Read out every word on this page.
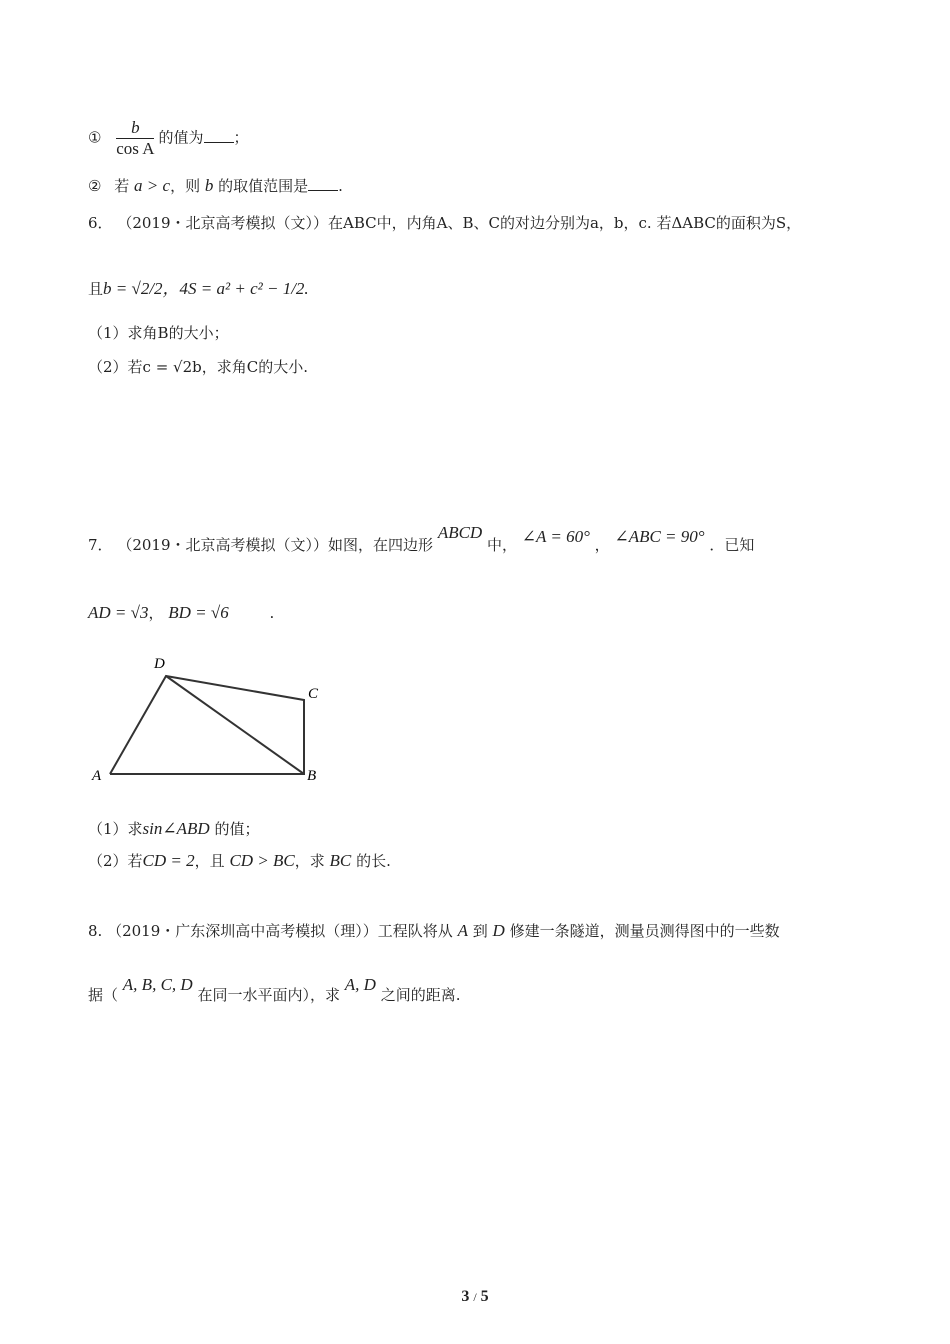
① $\frac{b}{\text{cos A}}$ 的值为 ；
② 若 a > c，则 b 的取值范围是 .
6． （2019・北京高考模拟（文））在ABC中，内角A、B、C的对边分别为a，b，c. 若ΔABC的面积为S，
且b = √2/2，4S = a² + c² − 1/2.
（1）求角B的大小；
（2）若c = √2b，求角C的大小.
7． （2019・北京高考模拟（文））如图，在四边形 ABCD 中， ∠A = 60° ， ∠ABC = 90° ．已知
AD = √3， BD = √6	.
D
C
A	B
（1）求sin∠ABD 的值；
（2）若CD = 2，且 CD > BC，求 BC 的长.
8. （2019・广东深圳高中高考模拟（理））工程队将从 A 到 D 修建一条隧道，测量员测得图中的一些数
据（ A, B, C, D 在同一水平面内），求 A, D 之间的距离.
3 / 5
